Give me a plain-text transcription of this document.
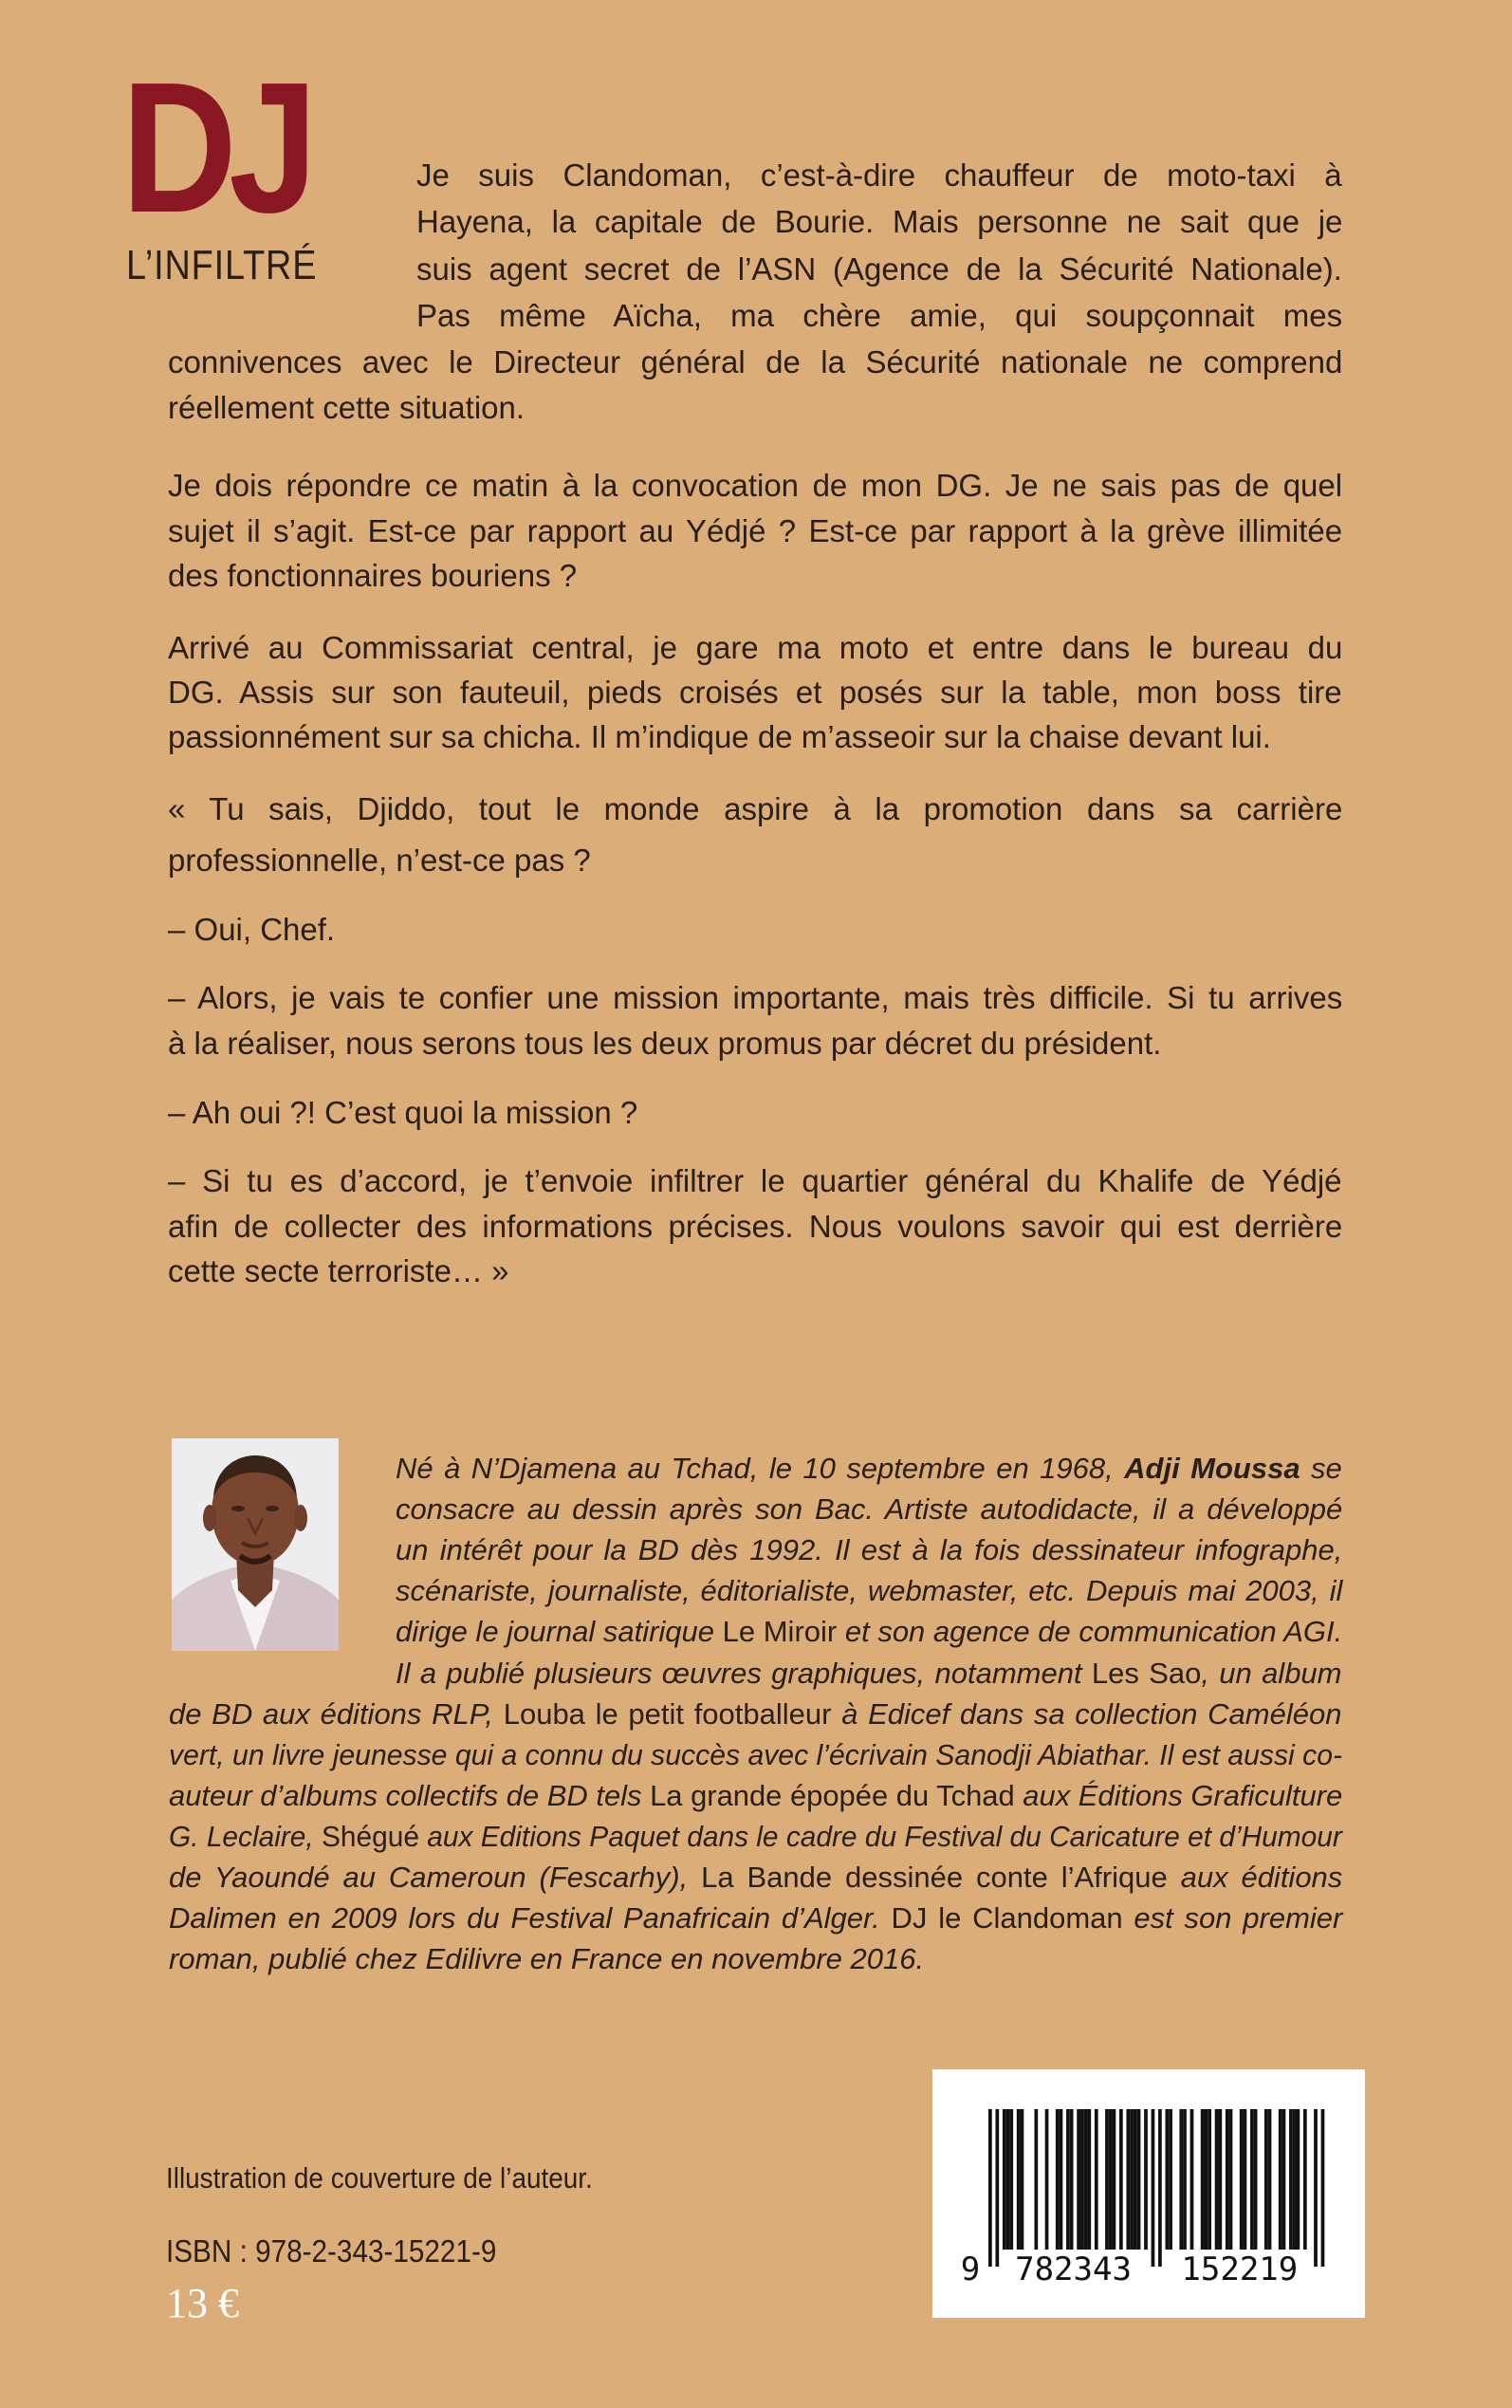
DJ
L’INFILTRÉ
Je suis Clandoman, c’est-à-dire chauffeur de moto-taxi à
Hayena, la capitale de Bourie. Mais personne ne sait que je
suis agent secret de l’ASN (Agence de la Sécurité Nationale).
Pas même Aïcha, ma chère amie, qui soupçonnait mes
connivences avec le Directeur général de la Sécurité nationale ne comprend
réellement cette situation.
Je dois répondre ce matin à la convocation de mon DG. Je ne sais pas de quel
sujet il s’agit. Est-ce par rapport au Yédjé ? Est-ce par rapport à la grève illimitée
des fonctionnaires bouriens ?
Arrivé au Commissariat central, je gare ma moto et entre dans le bureau du
DG. Assis sur son fauteuil, pieds croisés et posés sur la table, mon boss tire
passionnément sur sa chicha. Il m’indique de m’asseoir sur la chaise devant lui.
« Tu sais, Djiddo, tout le monde aspire à la promotion dans sa carrière
professionnelle, n’est-ce pas ?
– Oui, Chef.
– Alors, je vais te confier une mission importante, mais très difficile. Si tu arrives
à la réaliser, nous serons tous les deux promus par décret du président.
– Ah oui ?! C’est quoi la mission ?
– Si tu es d’accord, je t’envoie infiltrer le quartier général du Khalife de Yédjé
afin de collecter des informations précises. Nous voulons savoir qui est derrière
cette secte terroriste… »
Né à N’Djamena au Tchad, le 10 septembre en 1968, Adji Moussa se
consacre au dessin après son Bac. Artiste autodidacte, il a développé
un intérêt pour la BD dès 1992. Il est à la fois dessinateur infographe,
scénariste, journaliste, éditorialiste, webmaster, etc. Depuis mai 2003, il
dirige le journal satirique Le Miroir et son agence de communication AGI.
Il a publié plusieurs œuvres graphiques, notamment Les Sao, un album
de BD aux éditions RLP, Louba le petit footballeur à Edicef dans sa collection Caméléon
vert, un livre jeunesse qui a connu du succès avec l’écrivain Sanodji Abiathar. Il est aussi co-
auteur d’albums collectifs de BD tels La grande épopée du Tchad aux Éditions Graficulture
G. Leclaire, Shégué aux Editions Paquet dans le cadre du Festival du Caricature et d’Humour
de Yaoundé au Cameroun (Fescarhy), La Bande dessinée conte l’Afrique aux éditions
Dalimen en 2009 lors du Festival Panafricain d’Alger. DJ le Clandoman est son premier
roman, publié chez Edilivre en France en novembre 2016.
Illustration de couverture de l’auteur.
ISBN : 978-2-343-15221-9
13 €
9 782343 152219
